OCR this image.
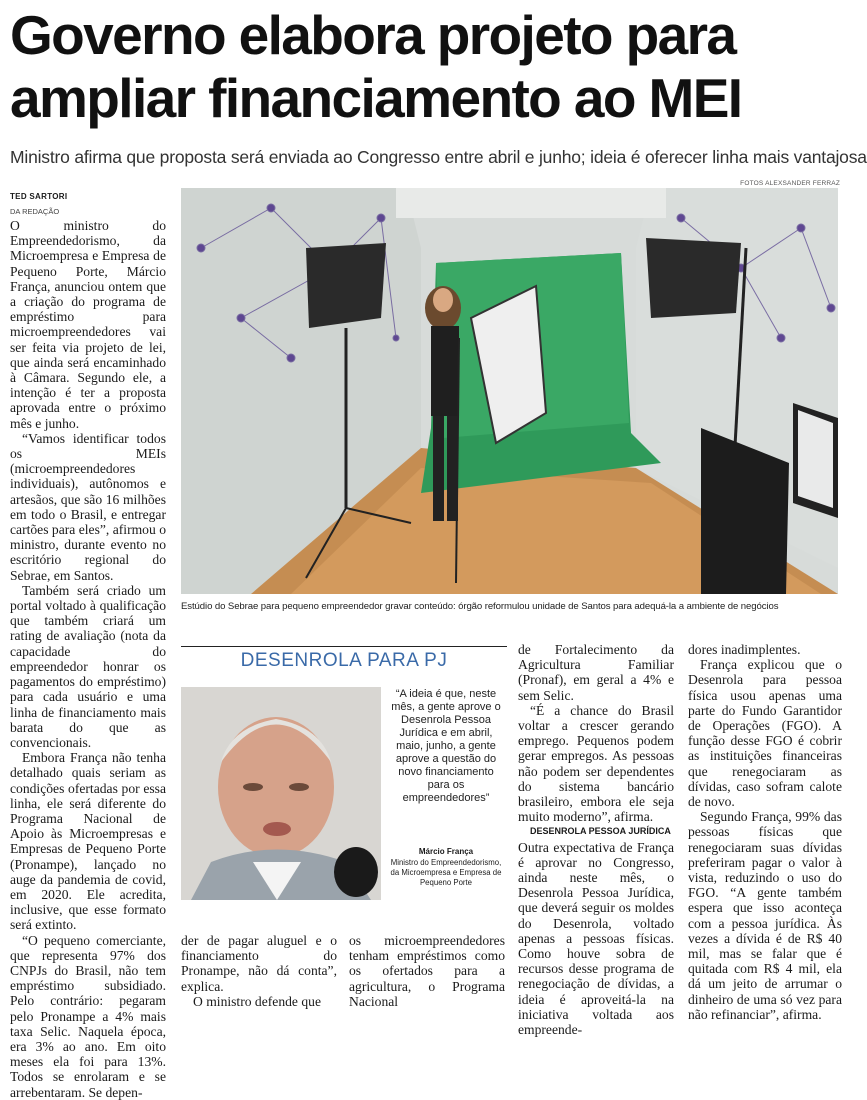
Governo elabora projeto para
ampliar financiamento ao MEI

Ministro afirma que proposta será enviada ao Congresso entre abril e junho; ideia é oferecer linha mais vantajosa

TED SARTORI
DA REDAÇÃO
FOTOS ALEXSANDER FERRAZ

O ministro do Empreendedorismo, da Microempresa e Empresa de Pequeno Porte, Márcio França, anunciou ontem que a criação do programa de empréstimo para microempreendedores vai ser feita via projeto de lei, que ainda será encaminhado à Câmara. Segundo ele, a intenção é ter a proposta aprovada entre o próximo mês e junho.

“Vamos identificar todos os MEIs (microempreendedores individuais), autônomos e artesãos, que são 16 milhões em todo o Brasil, e entregar cartões para eles”, afirmou o ministro, durante evento no escritório regional do Sebrae, em Santos.

Também será criado um portal voltado à qualificação que também criará um rating de avaliação (nota da capacidade do empreendedor honrar os pagamentos do empréstimo) para cada usuário e uma linha de financiamento mais barata do que as convencionais.

Embora França não tenha detalhado quais seriam as condições ofertadas por essa linha, ele será diferente do Programa Nacional de Apoio às Microempresas e Empresas de Pequeno Porte (Pronampe), lançado no auge da pandemia de covid, em 2020. Ele acredita, inclusive, que esse formato será extinto.

“O pequeno comerciante, que representa 97% dos CNPJs do Brasil, não tem empréstimo subsidiado. Pelo contrário: pegaram pelo Pronampe a 4% mais taxa Selic. Naquela época, era 3% ao ano. Em oito meses ela foi para 13%. Todos se enrolaram e se arrebentaram. Se depen-

Estúdio do Sebrae para pequeno empreendedor gravar conteúdo: órgão reformulou unidade de Santos para adequá-la a ambiente de negócios
DESENROLA PARA PJ
“A ideia é que, neste mês, a gente aprove o Desenrola Pessoa Jurídica e em abril, maio, junho, a gente aprove a questão do novo financiamento para os empreendedores”
Márcio França
Ministro do Empreendedorismo, da Microempresa e Empresa de Pequeno Porte

der de pagar aluguel e o financiamento do Pronampe, não dá conta”, explica.

O ministro defende que

os microempreendedores tenham empréstimos como os ofertados para a agricultura, o Programa Nacional

de Fortalecimento da Agricultura Familiar (Pronaf), em geral a 4% e sem Selic.

“É a chance do Brasil voltar a crescer gerando emprego. Pequenos podem gerar empregos. As pessoas não podem ser dependentes do sistema bancário brasileiro, embora ele seja muito moderno”, afirma.

DESENROLA PESSOA JURÍDICA

Outra expectativa de França é aprovar no Congresso, ainda neste mês, o Desenrola Pessoa Jurídica, que deverá seguir os moldes do Desenrola, voltado apenas a pessoas físicas. Como houve sobra de recursos desse programa de renegociação de dívidas, a ideia é aproveitá-la na iniciativa voltada aos empreende-

dores inadimplentes.

França explicou que o Desenrola para pessoa física usou apenas uma parte do Fundo Garantidor de Operações (FGO). A função desse FGO é cobrir as instituições financeiras que renegociaram as dívidas, caso sofram calote de novo.

Segundo França, 99% das pessoas físicas que renegociaram suas dívidas preferiram pagar o valor à vista, reduzindo o uso do FGO. “A gente também espera que isso aconteça com a pessoa jurídica. Às vezes a dívida é de R$ 40 mil, mas se falar que é quitada com R$ 4 mil, ela dá um jeito de arrumar o dinheiro de uma só vez para não refinanciar”, afirma.
